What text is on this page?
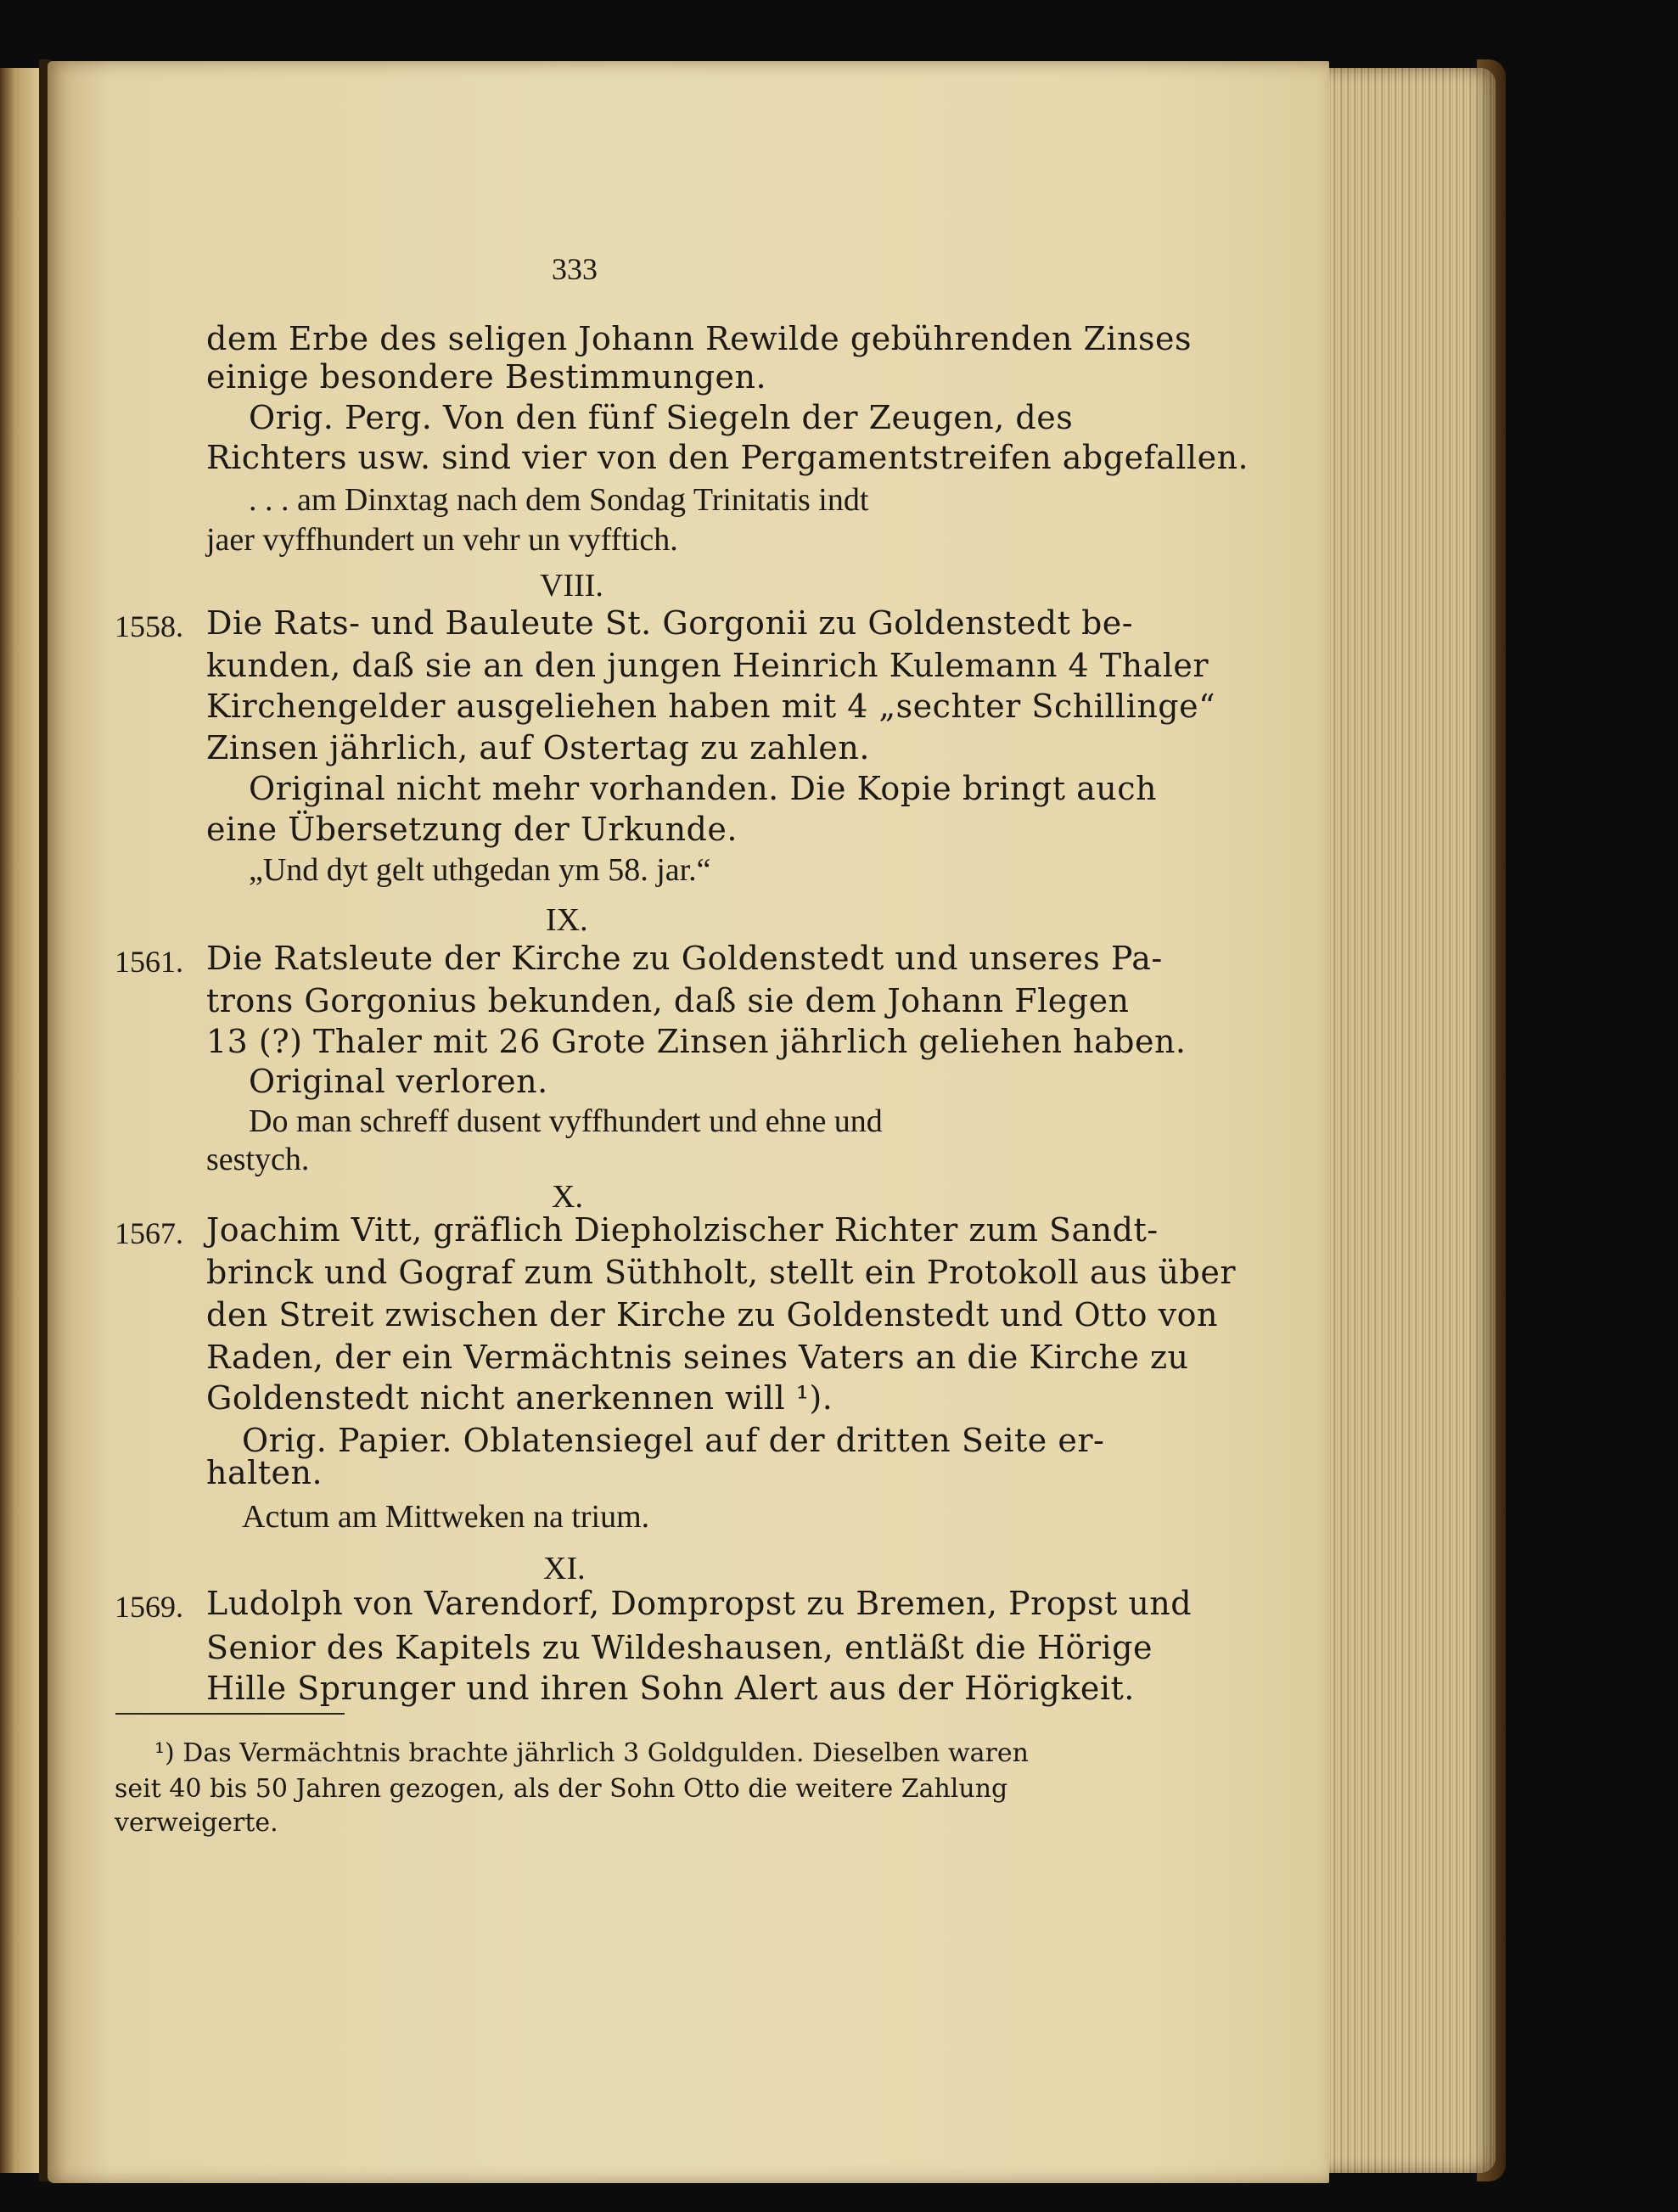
333
dem Erbe des seligen Johann Rewilde gebührenden Zinses
einige besondere Bestimmungen.
Orig. Perg. Von den fünf Siegeln der Zeugen, des
Richters usw. sind vier von den Pergamentstreifen abgefallen.
. . . am Dinxtag nach dem Sondag Trinitatis indt
jaer vyffhundert un vehr un vyfftich.
VIII.
1558. Die Rats- und Bauleute St. Gorgonii zu Goldenstedt be-
kunden, daß sie an den jungen Heinrich Kulemann 4 Thaler
Kirchengelder ausgeliehen haben mit 4 „sechter Schillinge“
Zinsen jährlich, auf Ostertag zu zahlen.
Original nicht mehr vorhanden. Die Kopie bringt auch
eine Übersetzung der Urkunde.
„Und dyt gelt uthgedan ym 58. jar.“
IX.
1561. Die Ratsleute der Kirche zu Goldenstedt und unseres Pa-
trons Gorgonius bekunden, daß sie dem Johann Flegen
13 (?) Thaler mit 26 Grote Zinsen jährlich geliehen haben.
Original verloren.
Do man schreff dusent vyffhundert und ehne und
sestych.
X.
1567. Joachim Vitt, gräflich Diepholzischer Richter zum Sandt-
brinck und Gograf zum Süthholt, stellt ein Protokoll aus über
den Streit zwischen der Kirche zu Goldenstedt und Otto von
Raden, der ein Vermächtnis seines Vaters an die Kirche zu
Goldenstedt nicht anerkennen will ¹).
Orig. Papier. Oblatensiegel auf der dritten Seite er-
halten.
Actum am Mittweken na trium.
XI.
1569. Ludolph von Varendorf, Dompropst zu Bremen, Propst und
Senior des Kapitels zu Wildeshausen, entläßt die Hörige
Hille Sprunger und ihren Sohn Alert aus der Hörigkeit.
¹) Das Vermächtnis brachte jährlich 3 Goldgulden. Dieselben waren
seit 40 bis 50 Jahren gezogen, als der Sohn Otto die weitere Zahlung
verweigerte.
